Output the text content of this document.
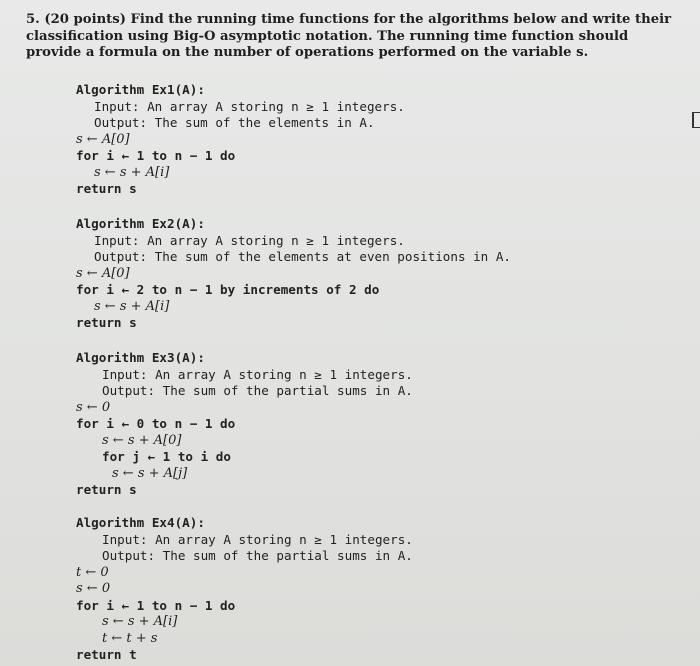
5. (20 points) Find the running time functions for the algorithms below and write their classification using Big-O asymptotic notation. The running time function should provide a formula on the number of operations performed on the variable s.
Algorithm Ex1(A):
Input: An array A storing n ≥ 1 integers.
Output: The sum of the elements in A.
s ← A[0]
for i ← 1 to n − 1 do
s ← s + A[i]
return s
Algorithm Ex2(A):
Input: An array A storing n ≥ 1 integers.
Output: The sum of the elements at even positions in A.
s ← A[0]
for i ← 2 to n − 1 by increments of 2 do
s ← s + A[i]
return s
Algorithm Ex3(A):
Input: An array A storing n ≥ 1 integers.
Output: The sum of the partial sums in A.
s ← 0
for i ← 0 to n − 1 do
s ← s + A[0]
for j ← 1 to i do
s ← s + A[j]
return s
Algorithm Ex4(A):
Input: An array A storing n ≥ 1 integers.
Output: The sum of the partial sums in A.
t ← 0
s ← 0
for i ← 1 to n − 1 do
s ← s + A[i]
t ← t + s
return t
